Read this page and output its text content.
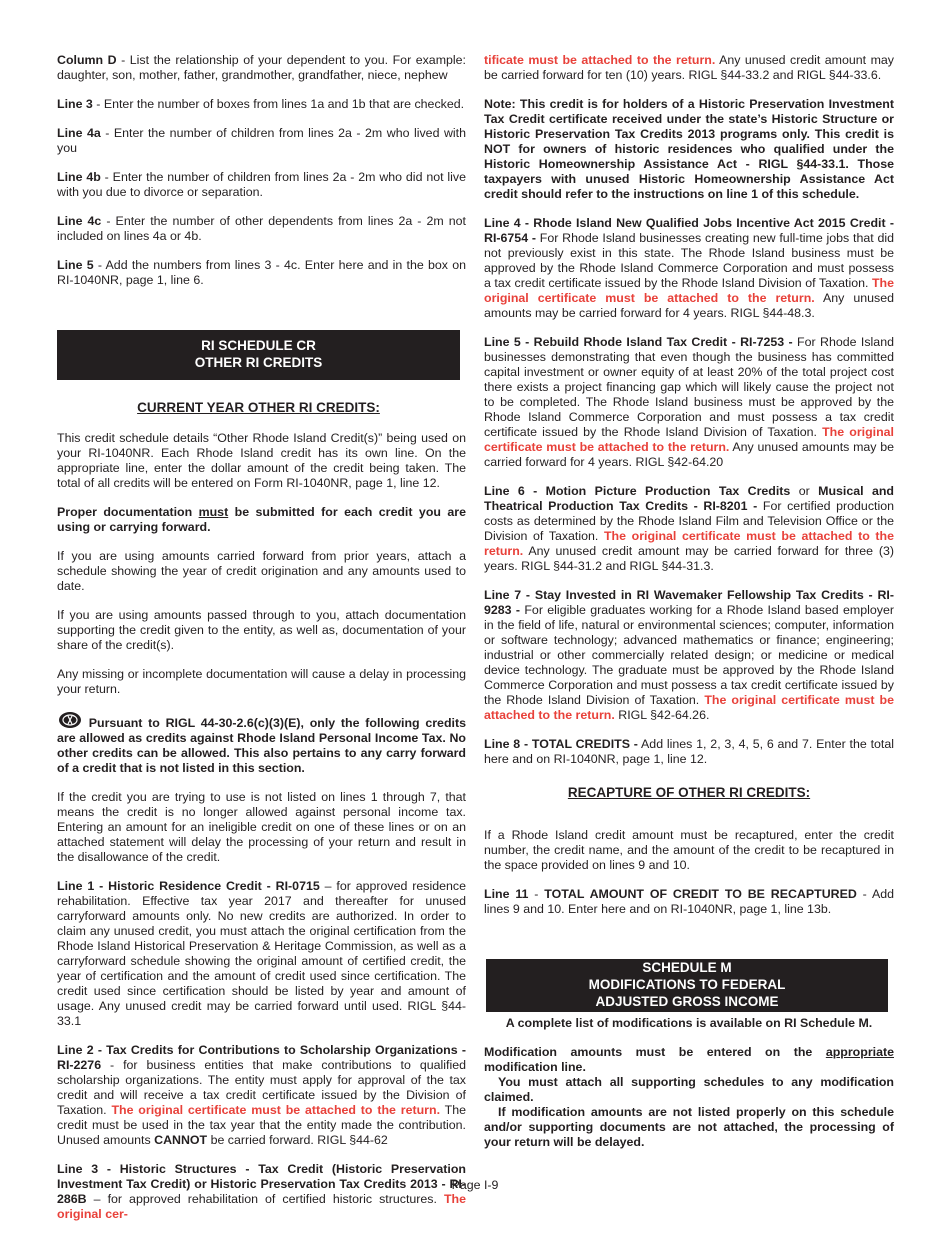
Column D - List the relationship of your dependent to you. For example: daughter, son, mother, father, grandmother, grandfather, niece, nephew

Line 3 - Enter the number of boxes from lines 1a and 1b that are checked.

Line 4a - Enter the number of children from lines 2a - 2m who lived with you

Line 4b - Enter the number of children from lines 2a - 2m who did not live with you due to divorce or separation.

Line 4c - Enter the number of other dependents from lines 2a - 2m not included on lines 4a or 4b.

Line 5 - Add the numbers from lines 3 - 4c. Enter here and in the box on RI-1040NR, page 1, line 6.

RI SCHEDULE CR
OTHER RI CREDITS
CURRENT YEAR OTHER RI CREDITS:

This credit schedule details “Other Rhode Island Credit(s)” being used on your RI-1040NR. Each Rhode Island credit has its own line. On the appropriate line, enter the dollar amount of the credit being taken. The total of all credits will be entered on Form RI-1040NR, page 1, line 12.

Proper documentation must be submitted for each credit you are using or carrying forward.

If you are using amounts carried forward from prior years, attach a schedule showing the year of credit origination and any amounts used to date.

If you are using amounts passed through to you, attach documentation supporting the credit given to the entity, as well as, documentation of your share of the credit(s).

Any missing or incomplete documentation will cause a delay in processing your return.

Pursuant to RIGL 44-30-2.6(c)(3)(E), only the following credits are allowed as credits against Rhode Island Personal Income Tax. No other credits can be allowed. This also pertains to any carry forward of a credit that is not listed in this section.

If the credit you are trying to use is not listed on lines 1 through 7, that means the credit is no longer allowed against personal income tax. Entering an amount for an ineligible credit on one of these lines or on an attached statement will delay the processing of your return and result in the disallowance of the credit.

Line 1 - Historic Residence Credit - RI-0715 – for approved residence rehabilitation. Effective tax year 2017 and thereafter for unused carryforward amounts only. No new credits are authorized. In order to claim any unused credit, you must attach the original certification from the Rhode Island Historical Preservation & Heritage Commission, as well as a carryforward schedule showing the original amount of certified credit, the year of certification and the amount of credit used since certification. The credit used since certification should be listed by year and amount of usage. Any unused credit may be carried forward until used. RIGL §44-33.1

Line 2 - Tax Credits for Contributions to Scholarship Organizations - RI-2276 - for business entities that make contributions to qualified scholarship organizations. The entity must apply for approval of the tax credit and will receive a tax credit certificate issued by the Division of Taxation. The original certificate must be attached to the return. The credit must be used in the tax year that the entity made the contribution. Unused amounts CANNOT be carried forward. RIGL §44-62

Line 3 - Historic Structures - Tax Credit (Historic Preservation Investment Tax Credit) or Historic Preservation Tax Credits 2013 - RI-286B – for approved rehabilitation of certified historic structures. The original cer-

tificate must be attached to the return. Any unused credit amount may be carried forward for ten (10) years. RIGL §44-33.2 and RIGL §44-33.6.

Note: This credit is for holders of a Historic Preservation Investment Tax Credit certificate received under the state’s Historic Structure or Historic Preservation Tax Credits 2013 programs only. This credit is NOT for owners of historic residences who qualified under the Historic Homeownership Assistance Act - RIGL §44-33.1. Those taxpayers with unused Historic Homeownership Assistance Act credit should refer to the instructions on line 1 of this schedule.

Line 4 - Rhode Island New Qualified Jobs Incentive Act 2015 Credit - RI-6754 - For Rhode Island businesses creating new full-time jobs that did not previously exist in this state. The Rhode Island business must be approved by the Rhode Island Commerce Corporation and must possess a tax credit certificate issued by the Rhode Island Division of Taxation. The original certificate must be attached to the return. Any unused amounts may be carried forward for 4 years. RIGL §44-48.3.

Line 5 - Rebuild Rhode Island Tax Credit - RI-7253 - For Rhode Island businesses demonstrating that even though the business has committed capital investment or owner equity of at least 20% of the total project cost there exists a project financing gap which will likely cause the project not to be completed. The Rhode Island business must be approved by the Rhode Island Commerce Corporation and must possess a tax credit certificate issued by the Rhode Island Division of Taxation. The original certificate must be attached to the return. Any unused amounts may be carried forward for 4 years. RIGL §42-64.20

Line 6 - Motion Picture Production Tax Credits or Musical and Theatrical Production Tax Credits - RI-8201 - For certified production costs as determined by the Rhode Island Film and Television Office or the Division of Taxation. The original certificate must be attached to the return. Any unused credit amount may be carried forward for three (3) years. RIGL §44-31.2 and RIGL §44-31.3.

Line 7 - Stay Invested in RI Wavemaker Fellowship Tax Credits - RI-9283 - For eligible graduates working for a Rhode Island based employer in the field of life, natural or environmental sciences; computer, information or software technology; advanced mathematics or finance; engineering; industrial or other commercially related design; or medicine or medical device technology. The graduate must be approved by the Rhode Island Commerce Corporation and must possess a tax credit certificate issued by the Rhode Island Division of Taxation. The original certificate must be attached to the return. RIGL §42-64.26.

Line 8 - TOTAL CREDITS - Add lines 1, 2, 3, 4, 5, 6 and 7. Enter the total here and on RI-1040NR, page 1, line 12.

RECAPTURE OF OTHER RI CREDITS:

If a Rhode Island credit amount must be recaptured, enter the credit number, the credit name, and the amount of the credit to be recaptured in the space provided on lines 9 and 10.

Line 11 - TOTAL AMOUNT OF CREDIT TO BE RECAPTURED - Add lines 9 and 10. Enter here and on RI-1040NR, page 1, line 13b.

SCHEDULE M
MODIFICATIONS TO FEDERAL
ADJUSTED GROSS INCOME

A complete list of modifications is available on RI Schedule M.

Modification amounts must be entered on the appropriate modification line.

You must attach all supporting schedules to any modification claimed.

If modification amounts are not listed properly on this schedule and/or supporting documents are not attached, the processing of your return will be delayed.

Page I-9
